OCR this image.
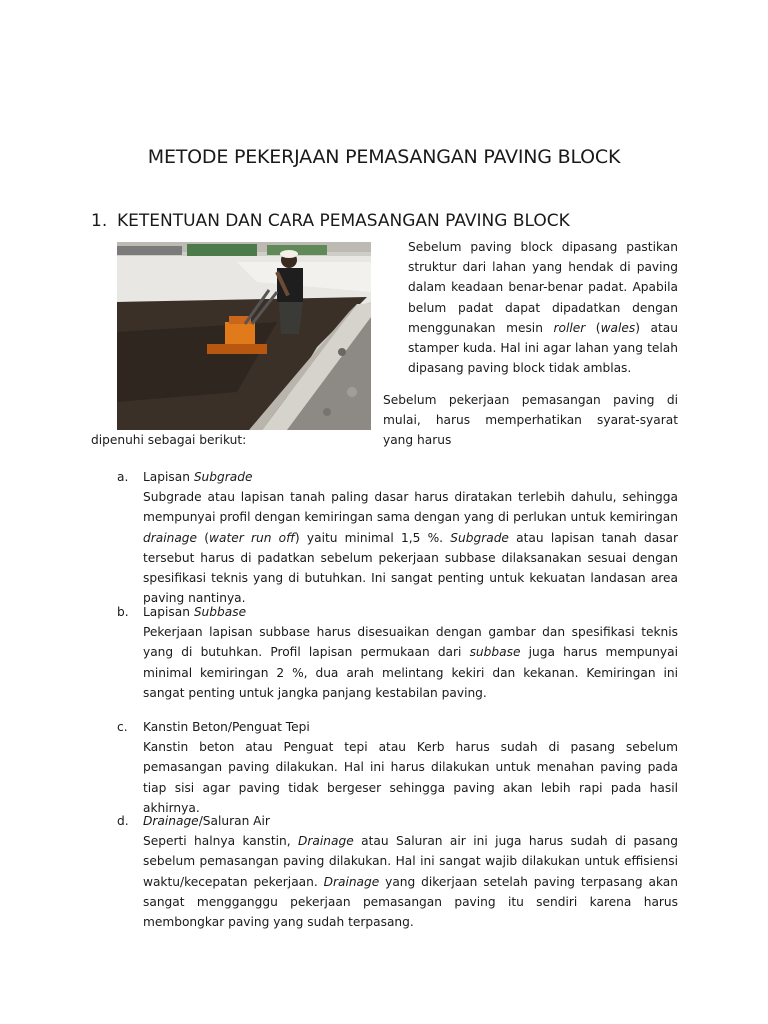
METODE PEKERJAAN PEMASANGAN PAVING BLOCK
1. KETENTUAN DAN CARA PEMASANGAN PAVING BLOCK
Sebelum paving block dipasang pastikan struktur dari lahan yang hendak di paving dalam keadaan benar-benar padat. Apabila belum padat dapat dipadatkan dengan menggunakan mesin roller (wales) atau stamper kuda. Hal ini agar lahan yang telah dipasang paving block tidak amblas.
Sebelum pekerjaan pemasangan paving di mulai, harus memperhatikan syarat-syarat yang harus
dipenuhi sebagai berikut:
a. Lapisan Subgrade
Subgrade atau lapisan tanah paling dasar harus diratakan terlebih dahulu, sehingga mempunyai profil dengan kemiringan sama dengan yang di perlukan untuk kemiringan drainage (water run off) yaitu minimal 1,5 %. Subgrade atau lapisan tanah dasar tersebut harus di padatkan sebelum pekerjaan subbase dilaksanakan sesuai dengan spesifikasi teknis yang di butuhkan. Ini sangat penting untuk kekuatan landasan area paving nantinya.
b. Lapisan Subbase
Pekerjaan lapisan subbase harus disesuaikan dengan gambar dan spesifikasi teknis yang di butuhkan. Profil lapisan permukaan dari subbase juga harus mempunyai minimal kemiringan 2 %, dua arah melintang kekiri dan kekanan. Kemiringan ini sangat penting untuk jangka panjang kestabilan paving.
c. Kanstin Beton/Penguat Tepi
Kanstin beton atau Penguat tepi atau Kerb harus sudah di pasang sebelum pemasangan paving dilakukan. Hal ini harus dilakukan untuk menahan paving pada tiap sisi agar paving tidak bergeser sehingga paving akan lebih rapi pada hasil akhirnya.
d. Drainage/Saluran Air
Seperti halnya kanstin, Drainage atau Saluran air ini juga harus sudah di pasang sebelum pemasangan paving dilakukan. Hal ini sangat wajib dilakukan untuk effisiensi waktu/kecepatan pekerjaan. Drainage yang dikerjaan setelah paving terpasang akan sangat mengganggu pekerjaan pemasangan paving itu sendiri karena harus membongkar paving yang sudah terpasang.
